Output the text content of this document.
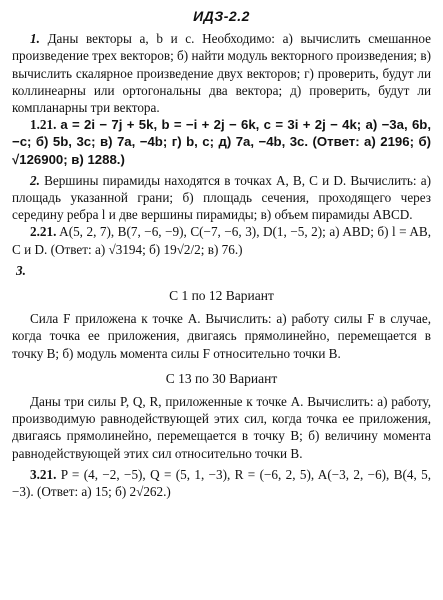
ИДЗ-2.2

1. Даны векторы a, b и c. Необходимо: а) вычислить смешанное произведение трех векторов; б) найти модуль векторного произведения; в) вычислить скалярное произведение двух векторов; г) проверить, будут ли коллинеарны или ортогональны два вектора; д) проверить, будут ли компланарны три вектора.

1.21. a = 2i − 7j + 5k, b = −i + 2j − 6k, c = 3i + 2j − 4k; а) −3a, 6b, −c; б) 5b, 3c; в) 7a, −4b; г) b, c; д) 7a, −4b, 3c. (Ответ: а) 2196; б) √126900; в) 1288.)

2. Вершины пирамиды находятся в точках A, B, C и D. Вычислить: а) площадь указанной грани; б) площадь сечения, проходящего через середину ребра l и две вершины пирамиды; в) объем пирамиды ABCD.

2.21. A(5, 2, 7), B(7, −6, −9), C(−7, −6, 3), D(1, −5, 2); а) ABD; б) l = AB, C и D. (Ответ: а) √3194; б) 19√2/2; в) 76.)

3.
С 1 по 12 Вариант

Сила F приложена к точке A. Вычислить: а) работу силы F в случае, когда точка ее приложения, двигаясь прямолинейно, перемещается в точку B; б) модуль момента силы F относительно точки B.

С 13 по 30 Вариант

Даны три силы P, Q, R, приложенные к точке A. Вычислить: а) работу, производимую равнодействующей этих сил, когда точка ее приложения, двигаясь прямолинейно, перемещается в точку B; б) величину момента равнодействующей этих сил относительно точки B.

3.21. P = (4, −2, −5), Q = (5, 1, −3), R = (−6, 2, 5), A(−3, 2, −6), B(4, 5, −3). (Ответ: а) 15; б) 2√262.)
